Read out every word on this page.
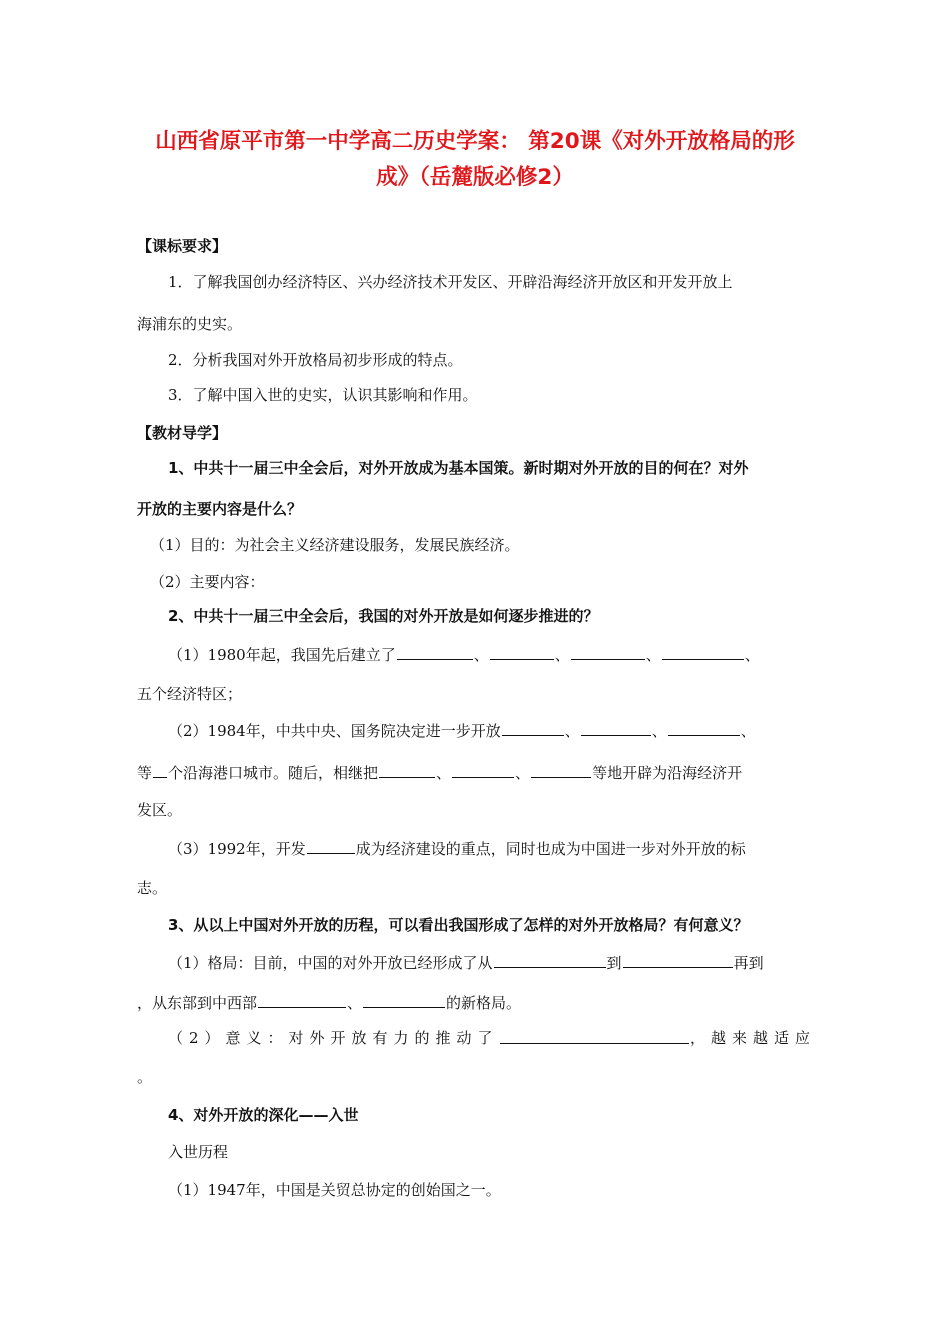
山西省原平市第一中学高二历史学案： 第20课《对外开放格局的形
成》（岳麓版必修2）
【课标要求】
1．了解我国创办经济特区、兴办经济技术开发区、开辟沿海经济开放区和开发开放上
海浦东的史实。
2．分析我国对外开放格局初步形成的特点。
3．了解中国入世的史实，认识其影响和作用。
【教材导学】
1、中共十一届三中全会后，对外开放成为基本国策。新时期对外开放的目的何在？对外
开放的主要内容是什么？
（1）目的：为社会主义经济建设服务，发展民族经济。
（2）主要内容：
2、中共十一届三中全会后，我国的对外开放是如何逐步推进的？
（1）1980年起，我国先后建立了	、	、	、	、
五个经济特区；
（2）1984年，中共中央、国务院决定进一步开放	、	、	、
等 个沿海港口城市。随后，相继把	、	、	等地开辟为沿海经济开
发区。
（3）1992年，开发	成为经济建设的重点，同时也成为中国进一步对外开放的标
志。
3、从以上中国对外开放的历程，可以看出我国形成了怎样的对外开放格局？有何意义？
（1）格局：目前，中国的对外开放已经形成了从	到	再到
，从东部到中西部	、	的新格局。
（2）意义：对外开放有力的推动了	，越来越适应
。
4、对外开放的深化——入世
入世历程
（1）1947年，中国是关贸总协定的创始国之一。
